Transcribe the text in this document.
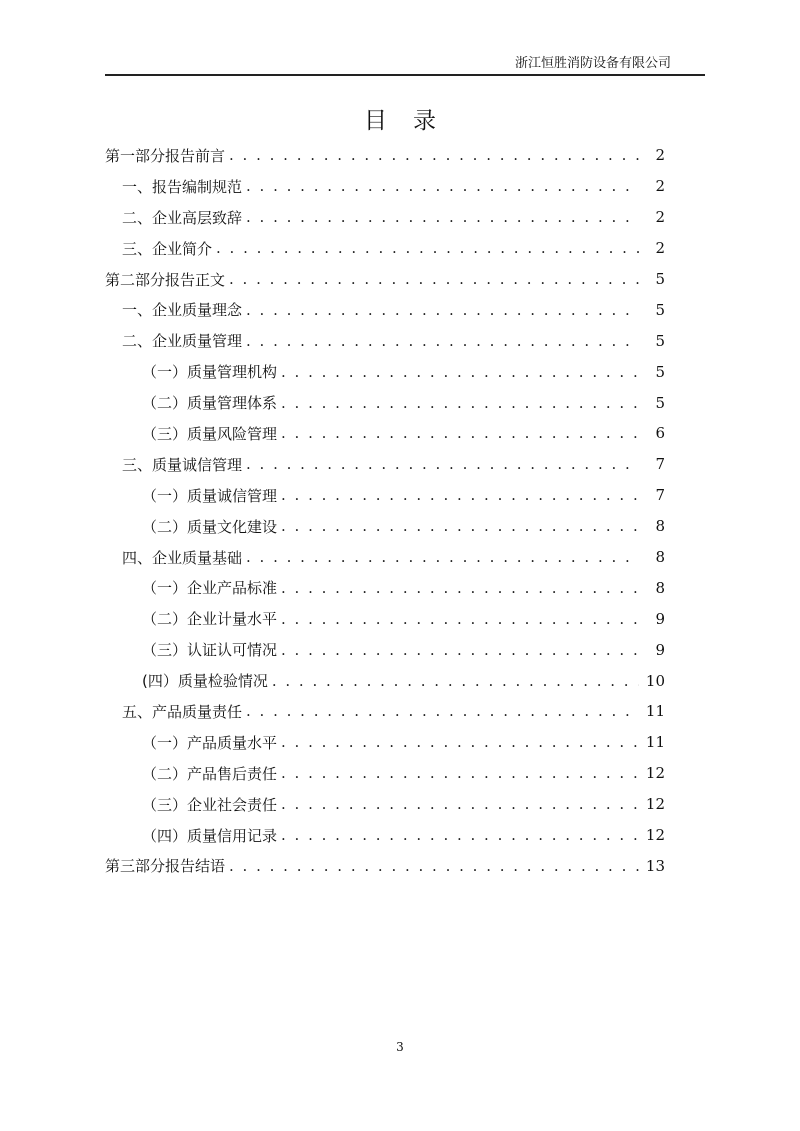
浙江恒胜消防设备有限公司
目录
第一部分报告前言 . . .	2
一、报告编制规范 . . .	2
二、企业高层致辞 . . .	2
三、企业简介 . . .	2
第二部分报告正文 . . .	5
一、企业质量理念 . . .	5
二、企业质量管理 . . .	5
（一）质量管理机构 . . .	5
（二）质量管理体系 . . .	5
（三）质量风险管理 . . .	6
三、质量诚信管理 . . .	7
（一）质量诚信管理 . . .	7
（二）质量文化建设 . . .	8
四、企业质量基础 . . .	8
（一）企业产品标准 . . .	8
（二）企业计量水平 . . .	9
（三）认证认可情况 . . .	9
(四）质量检验情况 . . .	10
五、产品质量责任 . . .	11
（一）产品质量水平 . . .	11
（二）产品售后责任 . . .	12
（三）企业社会责任 . . .	12
（四）质量信用记录 . . .	12
第三部分报告结语 . . .	13
3
